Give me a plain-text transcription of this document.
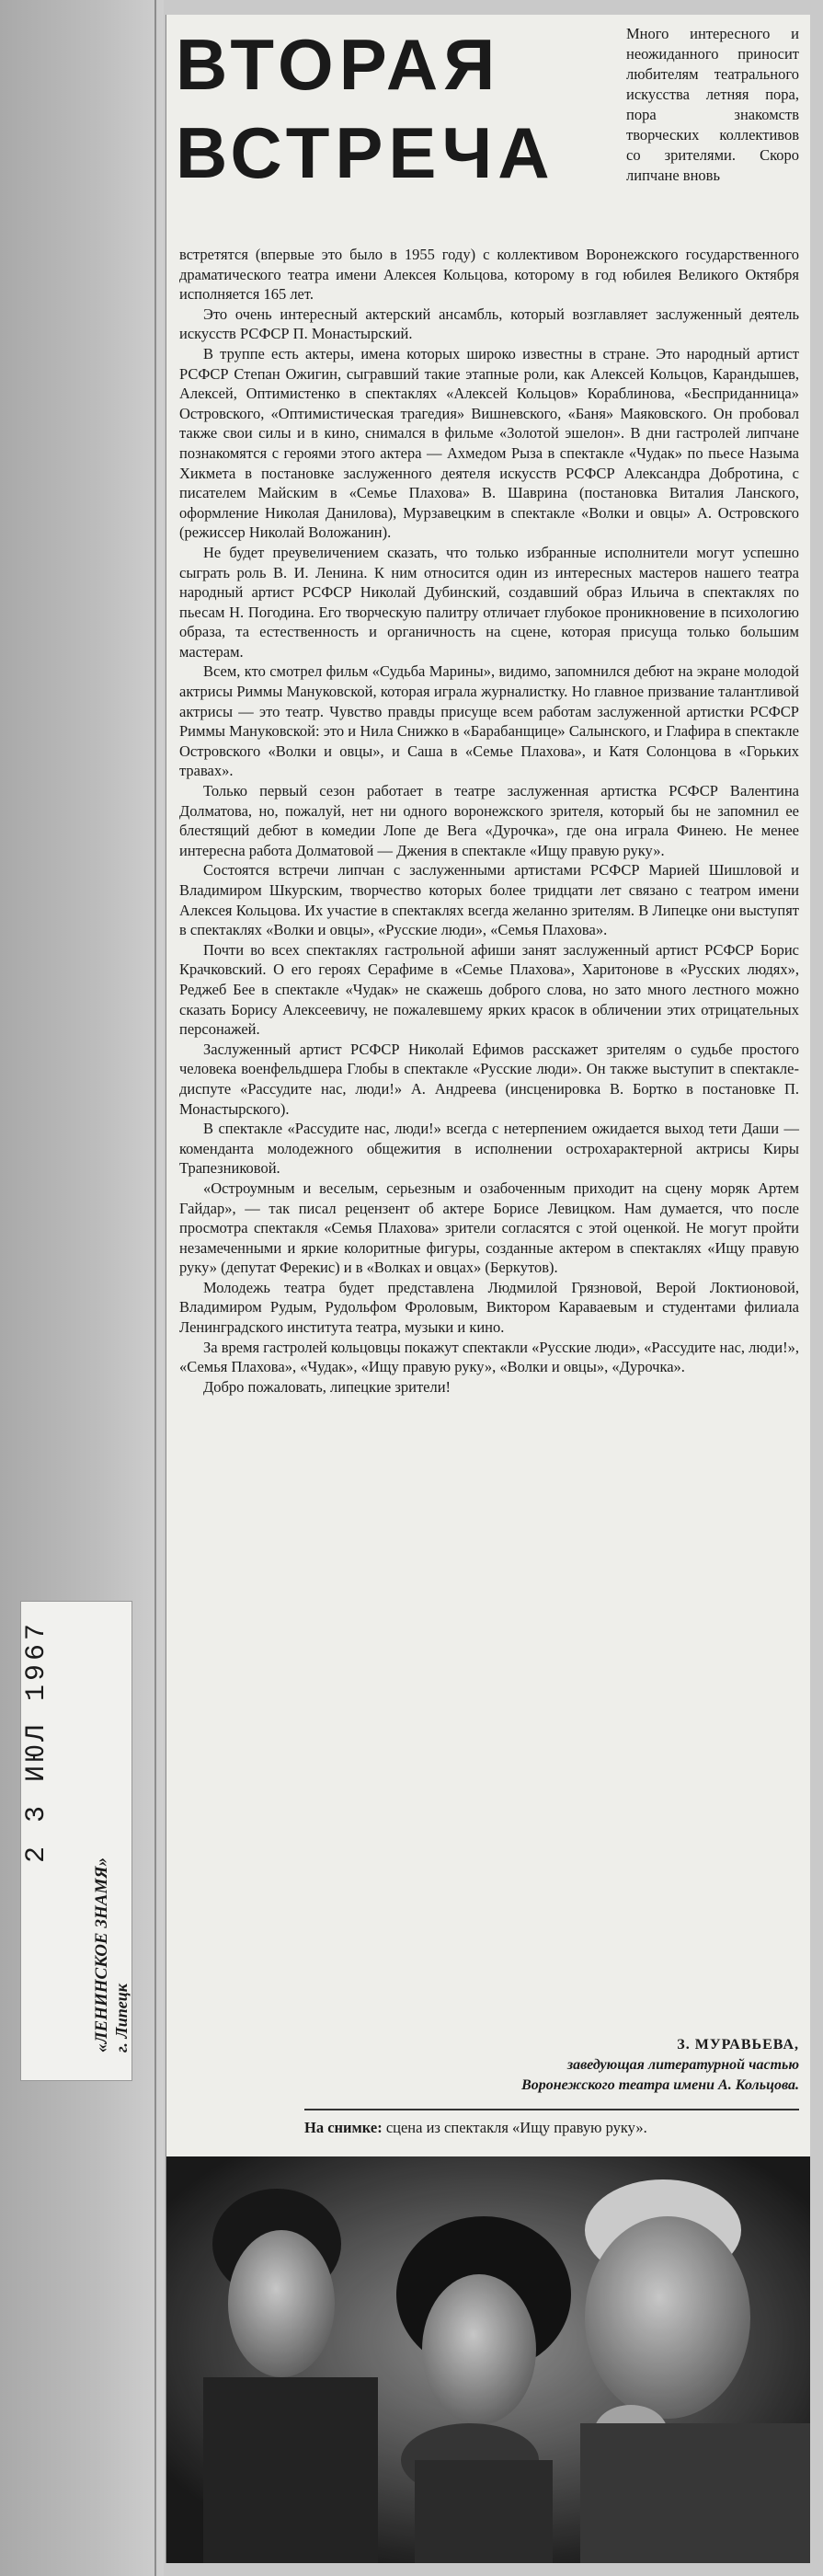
2 3 ИЮЛ 1967
«ЛЕНИНСКОЕ ЗНАМЯ» г. Липецк
ВТОРАЯ
ВСТРЕЧА
Много интересного и неожиданного приносит любителям театрального искусства летняя пора, пора знакомств творческих коллективов со зрителями. Скоро липчане вновь

встретятся (впервые это было в 1955 году) с коллективом Воронежского государственного драматического театра имени Алексея Кольцова, которому в год юбилея Великого Октября исполняется 165 лет.

Это очень интересный актерский ансамбль, который возглавляет заслуженный деятель искусств РСФСР П. Монастырский.

В труппе есть актеры, имена которых широко известны в стране. Это народный артист РСФСР Степан Ожигин, сыгравший такие этапные роли, как Алексей Кольцов, Карандышев, Алексей, Оптимистенко в спектаклях «Алексей Кольцов» Кораблинова, «Бесприданница» Островского, «Оптимистическая трагедия» Вишневского, «Баня» Маяковского. Он пробовал также свои силы и в кино, снимался в фильме «Золотой эшелон». В дни гастролей липчане познакомятся с героями этого актера — Ахмедом Рыза в спектакле «Чудак» по пьесе Назыма Хикмета в постановке заслуженного деятеля искусств РСФСР Александра Добротина, с писателем Майским в «Семье Плахова» В. Шаврина (постановка Виталия Ланского, оформление Николая Данилова), Мурзавецким в спектакле «Волки и овцы» А. Островского (режиссер Николай Воложанин).

Не будет преувеличением сказать, что только избранные исполнители могут успешно сыграть роль В. И. Ленина. К ним относится один из интересных мастеров нашего театра народный артист РСФСР Николай Дубинский, создавший образ Ильича в спектаклях по пьесам Н. Погодина. Его творческую палитру отличает глубокое проникновение в психологию образа, та естественность и органичность на сцене, которая присуща только большим мастерам.

Всем, кто смотрел фильм «Судьба Марины», видимо, запомнился дебют на экране молодой актрисы Риммы Мануковской, которая играла журналистку. Но главное призвание талантливой актрисы — это театр. Чувство правды присуще всем работам заслуженной артистки РСФСР Риммы Мануковской: это и Нила Снижко в «Барабанщице» Салынского, и Глафира в спектакле Островского «Волки и овцы», и Саша в «Семье Плахова», и Катя Солонцова в «Горьких травах».

Только первый сезон работает в театре заслуженная артистка РСФСР Валентина Долматова, но, пожалуй, нет ни одного воронежского зрителя, который бы не запомнил ее блестящий дебют в комедии Лопе де Вега «Дурочка», где она играла Финею. Не менее интересна работа Долматовой — Джения в спектакле «Ищу правую руку».

Состоятся встречи липчан с заслуженными артистами РСФСР Марией Шишловой и Владимиром Шкурским, творчество которых более тридцати лет связано с театром имени Алексея Кольцова. Их участие в спектаклях всегда желанно зрителям. В Липецке они выступят в спектаклях «Волки и овцы», «Русские люди», «Семья Плахова».

Почти во всех спектаклях гастрольной афиши занят заслуженный артист РСФСР Борис Крачковский. О его героях Серафиме в «Семье Плахова», Харитонове в «Русских людях», Реджеб Бее в спектакле «Чудак» не скажешь доброго слова, но зато много лестного можно сказать Борису Алексеевичу, не пожалевшему ярких красок в обличении этих отрицательных персонажей.

Заслуженный артист РСФСР Николай Ефимов расскажет зрителям о судьбе простого человека военфельдшера Глобы в спектакле «Русские люди». Он также выступит в спектакле-диспуте «Рассудите нас, люди!» А. Андреева (инсценировка В. Бортко в постановке П. Монастырского).

В спектакле «Рассудите нас, люди!» всегда с нетерпением ожидается выход тети Даши — коменданта молодежного общежития в исполнении острохарактерной актрисы Киры Трапезниковой.

«Остроумным и веселым, серьезным и озабоченным приходит на сцену моряк Артем Гайдар», — так писал рецензент об актере Борисе Левицком. Нам думается, что после просмотра спектакля «Семья Плахова» зрители согласятся с этой оценкой. Не могут пройти незамеченными и яркие колоритные фигуры, созданные актером в спектаклях «Ищу правую руку» (депутат Ферекис) и в «Волках и овцах» (Беркутов).

Молодежь театра будет представлена Людмилой Грязновой, Верой Локтионовой, Владимиром Рудым, Рудольфом Фроловым, Виктором Караваевым и студентами филиала Ленинградского института театра, музыки и кино.

За время гастролей кольцовцы покажут спектакли «Русские люди», «Рассудите нас, люди!», «Семья Плахова», «Чудак», «Ищу правую руку», «Волки и овцы», «Дурочка».

Добро пожаловать, липецкие зрители!

З. МУРАВЬЕВА,
заведующая литературной частью
Воронежского театра имени А. Кольцова.
На снимке: сцена из спектакля «Ищу правую руку».
